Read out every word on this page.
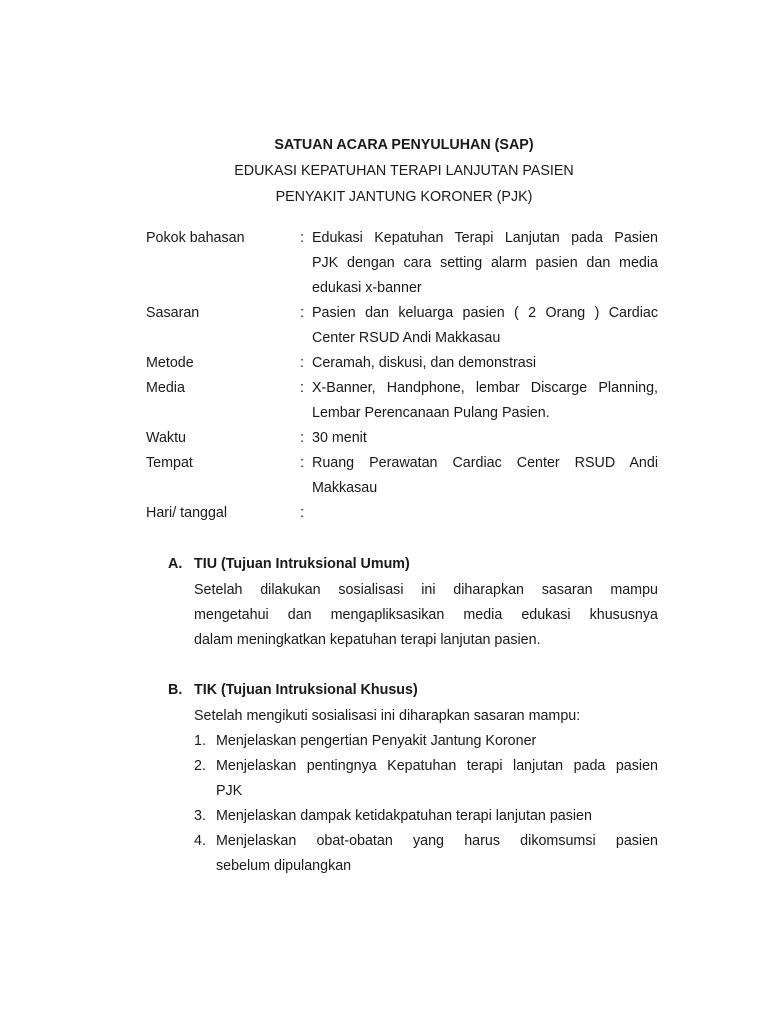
SATUAN ACARA PENYULUHAN (SAP)
EDUKASI KEPATUHAN TERAPI LANJUTAN PASIEN
PENYAKIT JANTUNG KORONER (PJK)
Pokok bahasan	: Edukasi Kepatuhan Terapi Lanjutan pada Pasien
PJK dengan cara setting alarm pasien dan media
edukasi x-banner
Sasaran	: Pasien dan keluarga pasien ( 2 Orang ) Cardiac
Center RSUD Andi Makkasau
Metode	: Ceramah, diskusi, dan demonstrasi
Media	: X-Banner, Handphone, lembar Discarge Planning,
Lembar Perencanaan Pulang Pasien.
Waktu	: 30 menit
Tempat	: Ruang Perawatan Cardiac Center RSUD Andi
Makkasau
Hari/ tanggal	:

A. TIU (Tujuan Intruksional Umum)
Setelah dilakukan sosialisasi ini diharapkan sasaran mampu
mengetahui dan mengapliksasikan media edukasi khususnya
dalam meningkatkan kepatuhan terapi lanjutan pasien.
B. TIK (Tujuan Intruksional Khusus)
Setelah mengikuti sosialisasi ini diharapkan sasaran mampu:
1. Menjelaskan pengertian Penyakit Jantung Koroner
2. Menjelaskan pentingnya Kepatuhan terapi lanjutan pada pasien
PJK
3. Menjelaskan dampak ketidakpatuhan terapi lanjutan pasien
4. Menjelaskan obat-obatan yang harus dikomsumsi pasien
sebelum dipulangkan
